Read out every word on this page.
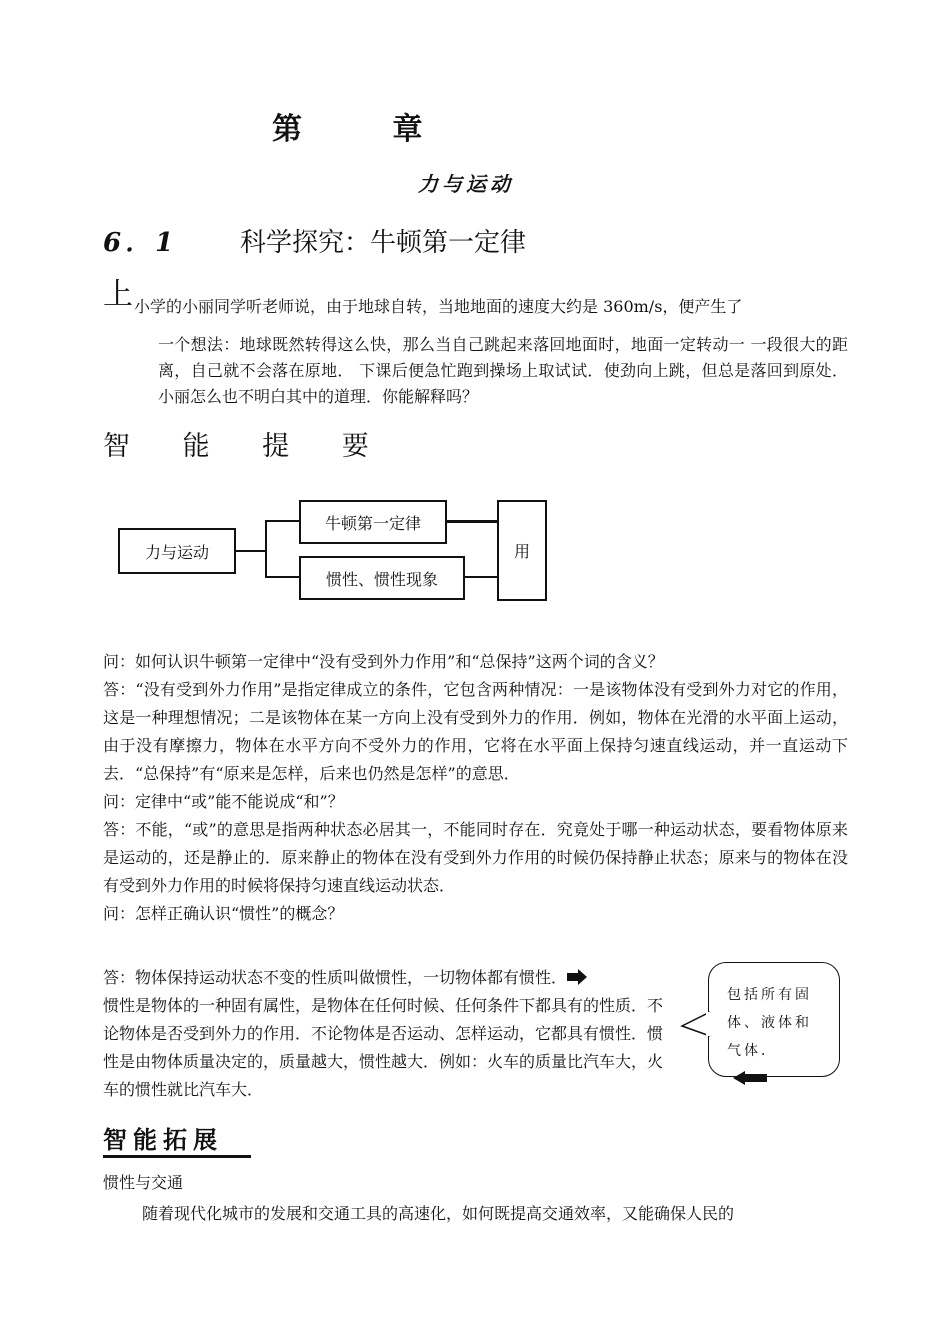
第 章
力与运动
6．1 科学探究：牛顿第一定律
上 小学的小丽同学听老师说，由于地球自转，当地地面的速度大约是 360m/s，便产生了
一个想法：地球既然转得这么快，那么当自己跳起来落回地面时，地面一定转动一 一段很大的距离，自己就不会落在原地． 下课后便急忙跑到操场上取试试．使劲向上跳，但总是落回到原处．小丽怎么也不明白其中的道理．你能解释吗？
智 能 提 要
力与运动
牛顿第一定律
惯性、惯性现象
用

问：如何认识牛顿第一定律中“没有受到外力作用”和“总保持”这两个词的含义？

答：“没有受到外力作用”是指定律成立的条件，它包含两种情况：一是该物体没有受到外力对它的作用，这是一种理想情况；二是该物体在某一方向上没有受到外力的作用．例如，物体在光滑的水平面上运动，由于没有摩擦力，物体在水平方向不受外力的作用，它将在水平面上保持匀速直线运动，并一直运动下去．“总保持”有“原来是怎样，后来也仍然是怎样”的意思．

问：定律中“或”能不能说成“和”？

答：不能，“或”的意思是指两种状态必居其一，不能同时存在．究竟处于哪一种运动状态，要看物体原来是运动的，还是静止的．原来静止的物体在没有受到外力作用的时候仍保持静止状态；原来与的物体在没有受到外力作用的时候将保持匀速直线运动状态．

问：怎样正确认识“惯性”的概念？

答：物体保持运动状态不变的性质叫做惯性，一切物体都有惯性．

惯性是物体的一种固有属性，是物体在任何时候、任何条件下都具有的性质．不论物体是否受到外力的作用．不论物体是否运动、怎样运动，它都具有惯性．惯性是由物体质量决定的，质量越大，惯性越大．例如：火车的质量比汽车大，火车的惯性就比汽车大．

包括所有固体、液体和气体．
智能拓展
惯性与交通
随着现代化城市的发展和交通工具的高速化，如何既提高交通效率，又能确保人民的
